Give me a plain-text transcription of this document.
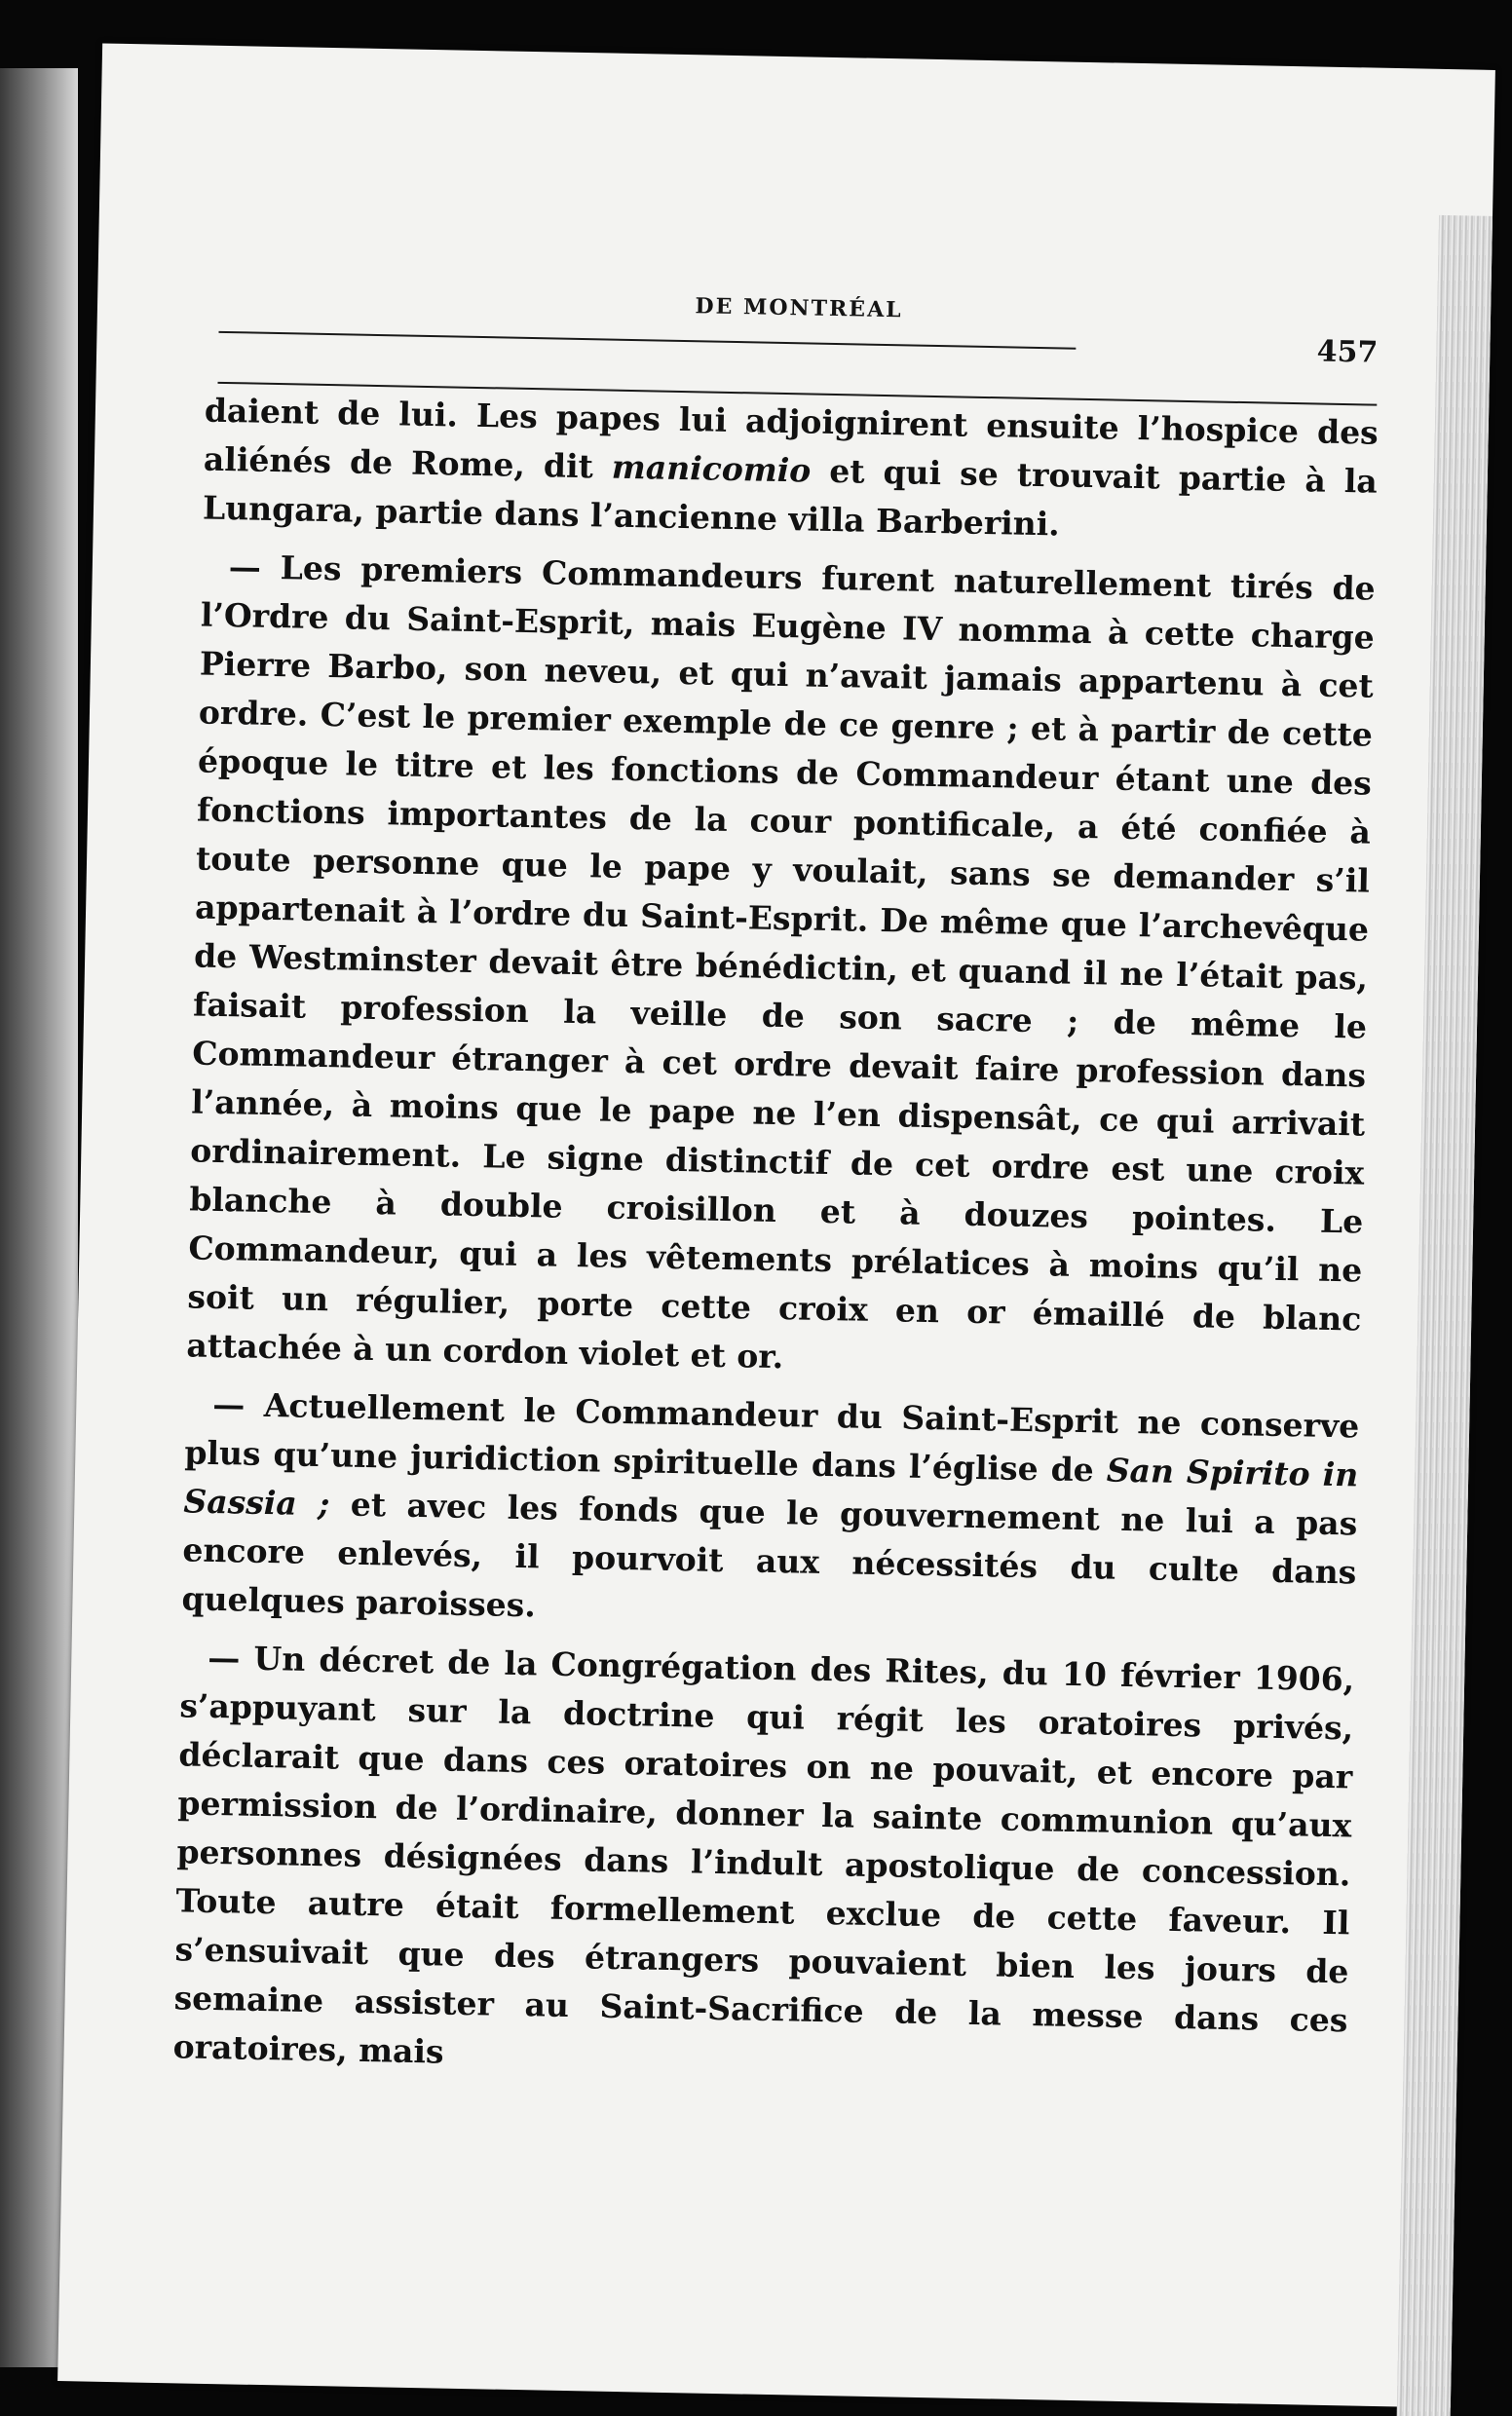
DE MONTRÉAL
457

daient de lui. Les papes lui adjoignirent ensuite l’hospice des aliénés de Rome, dit manicomio et qui se trouvait partie à la Lungara, partie dans l’ancienne villa Barberini.

— Les premiers Commandeurs furent naturellement tirés de l’Ordre du Saint-Esprit, mais Eugène IV nomma à cette charge Pierre Barbo, son neveu, et qui n’avait jamais appartenu à cet ordre. C’est le premier exemple de ce genre ; et à partir de cette époque le titre et les fonctions de Commandeur étant une des fonctions importantes de la cour pontificale, a été confiée à toute personne que le pape y voulait, sans se demander s’il appartenait à l’ordre du Saint-Esprit. De même que l’archevêque de Westminster devait être bénédictin, et quand il ne l’était pas, faisait profession la veille de son sacre ; de même le Commandeur étranger à cet ordre devait faire profession dans l’année, à moins que le pape ne l’en dispensât, ce qui arrivait ordinairement. Le signe distinctif de cet ordre est une croix blanche à double croisillon et à douzes pointes. Le Commandeur, qui a les vêtements prélatices à moins qu’il ne soit un régulier, porte cette croix en or émaillé de blanc attachée à un cordon violet et or.

— Actuellement le Commandeur du Saint-Esprit ne conserve plus qu’une juridiction spirituelle dans l’église de San Spirito in Sassia ; et avec les fonds que le gouvernement ne lui a pas encore enlevés, il pourvoit aux nécessités du culte dans quelques paroisses.

— Un décret de la Congrégation des Rites, du 10 février 1906, s’appuyant sur la doctrine qui régit les oratoires privés, déclarait que dans ces oratoires on ne pouvait, et encore par permission de l’ordinaire, donner la sainte communion qu’aux personnes désignées dans l’indult apostolique de concession. Toute autre était formellement exclue de cette faveur. Il s’ensuivait que des étrangers pouvaient bien les jours de semaine assister au Saint-Sacrifice de la messe dans ces oratoires, mais
